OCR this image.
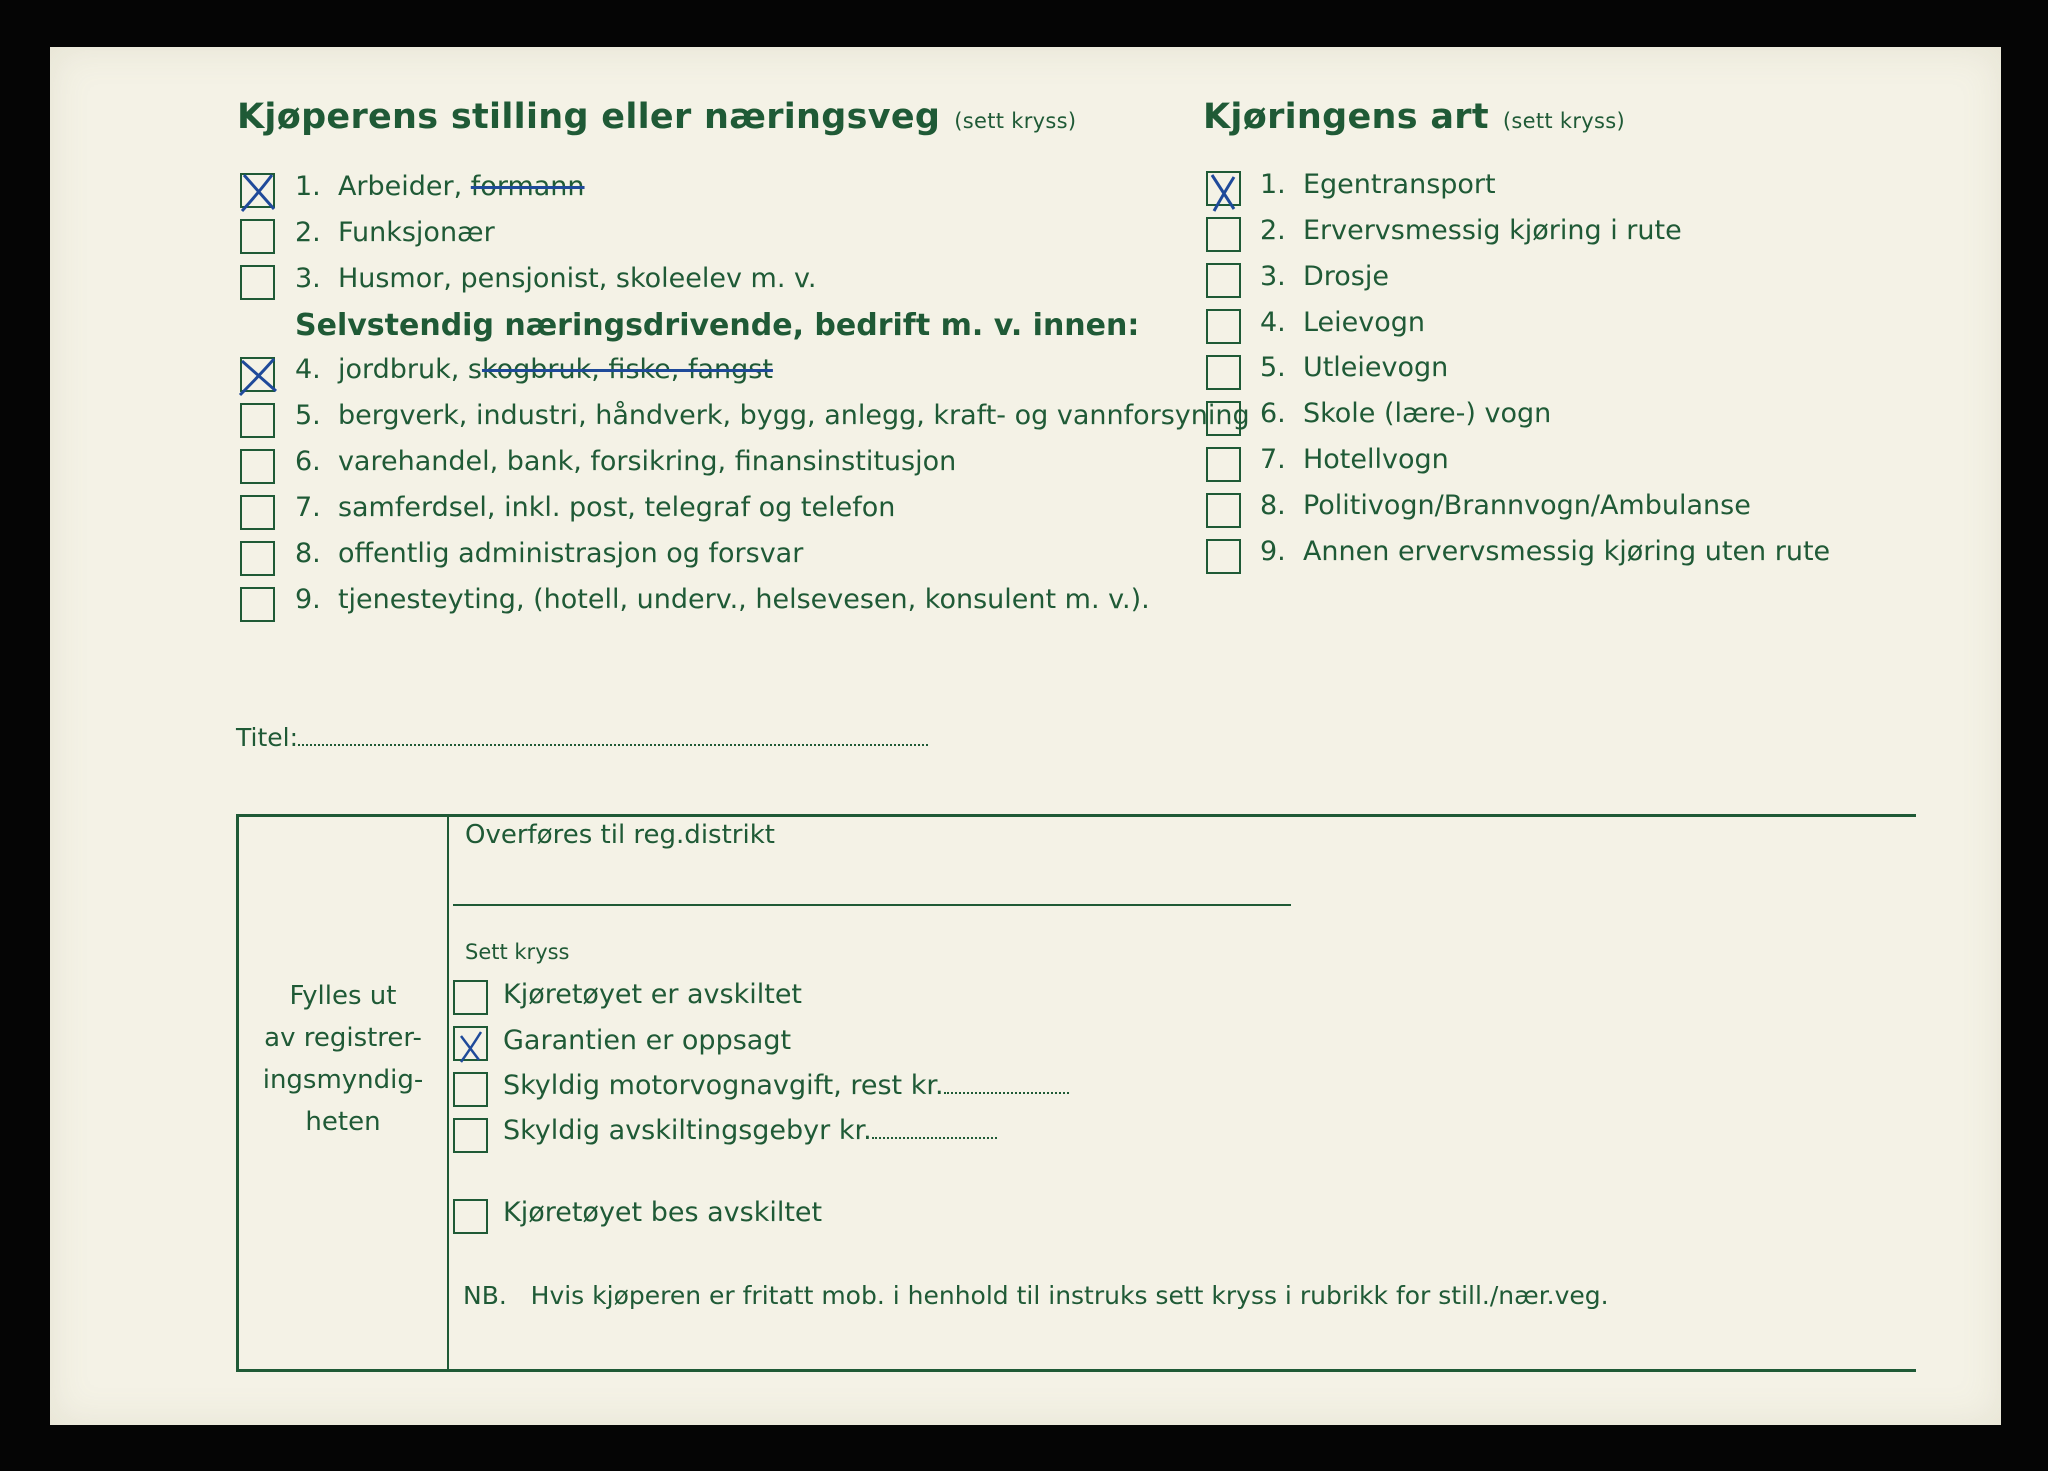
Kjøperens stilling eller næringsveg (sett kryss)	Kjøringens art (sett kryss)
1. Arbeider, formann
2. Funksjonær
3. Husmor, pensjonist, skoleelev m. v.
Selvstendig næringsdrivende, bedrift m. v. innen:
4. jordbruk, skogbruk, fiske, fangst
5. bergverk, industri, håndverk, bygg, anlegg, kraft- og vannforsyning
6. varehandel, bank, forsikring, finansinstitusjon
7. samferdsel, inkl. post, telegraf og telefon
8. offentlig administrasjon og forsvar
9. tjenesteyting, (hotell, underv., helsevesen, konsulent m. v.).
1. Egentransport
2. Ervervsmessig kjøring i rute
3. Drosje
4. Leievogn
5. Utleievogn
6. Skole (lære-) vogn
7. Hotellvogn
8. Politivogn/Brannvogn/Ambulanse
9. Annen ervervsmessig kjøring uten rute
Titel:
Fylles ut
av registrer-
ingsmyndig-
heten
Overføres til reg.distrikt
Sett kryss
Kjøretøyet er avskiltet
Garantien er oppsagt
Skyldig motorvognavgift, rest kr.
Skyldig avskiltingsgebyr kr.
Kjøretøyet bes avskiltet
NB.   Hvis kjøperen er fritatt mob. i henhold til instruks sett kryss i rubrikk for still./nær.veg.
